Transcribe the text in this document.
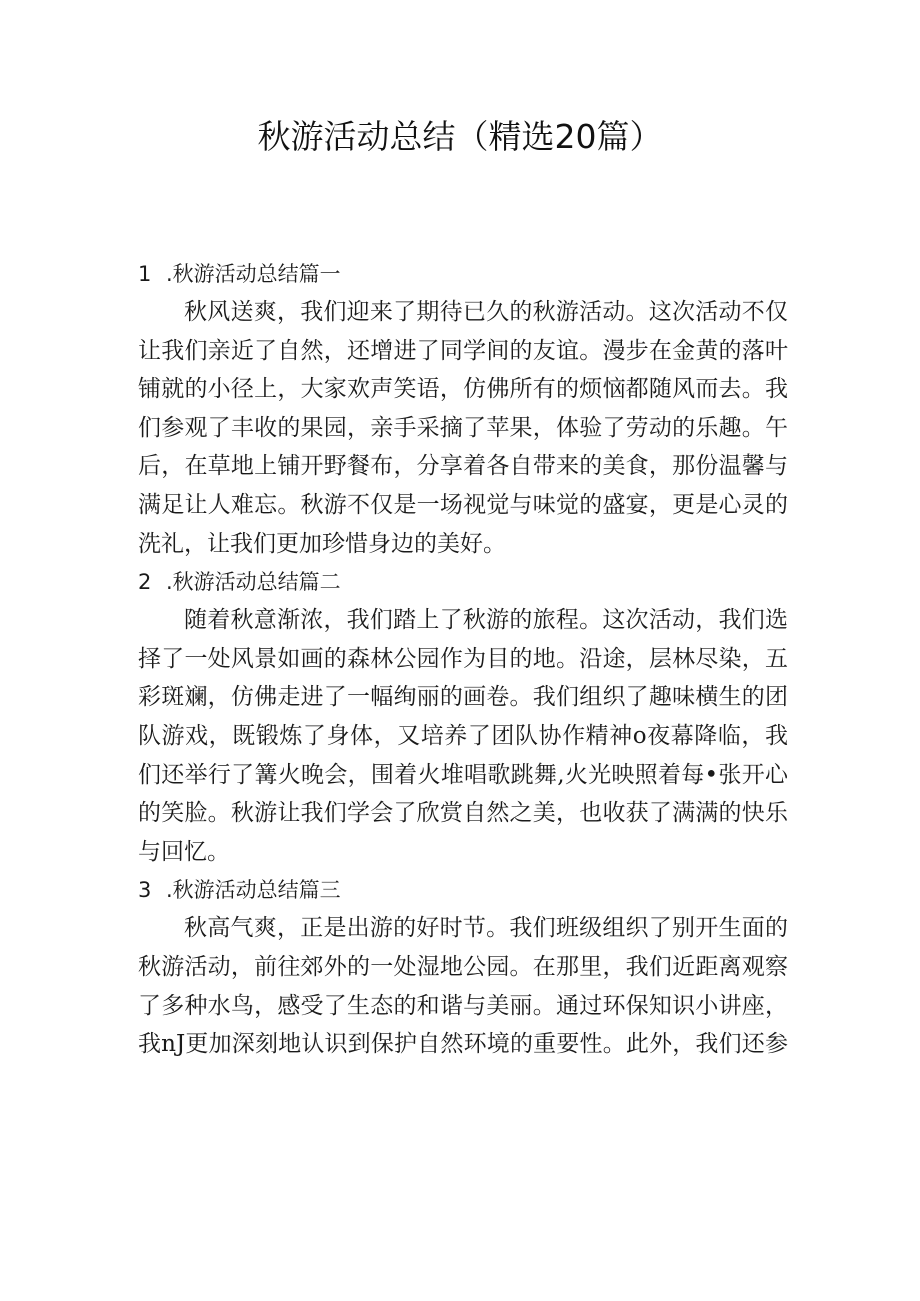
秋游活动总结（精选20篇）
1 .秋游活动总结篇一

秋风送爽，我们迎来了期待已久的秋游活动。这次活动不仅
让我们亲近了自然，还增进了同学间的友谊。漫步在金黄的落叶
铺就的小径上，大家欢声笑语，仿佛所有的烦恼都随风而去。我
们参观了丰收的果园，亲手采摘了苹果，体验了劳动的乐趣。午
后，在草地上铺开野餐布，分享着各自带来的美食，那份温馨与
满足让人难忘。秋游不仅是一场视觉与味觉的盛宴，更是心灵的
洗礼，让我们更加珍惜身边的美好。

2 .秋游活动总结篇二

随着秋意渐浓，我们踏上了秋游的旅程。这次活动，我们选
择了一处风景如画的森林公园作为目的地。沿途，层林尽染，五
彩斑斓，仿佛走进了一幅绚丽的画卷。我们组织了趣味横生的团
队游戏，既锻炼了身体，又培养了团队协作精神o夜幕降临，我
们还举行了篝火晚会，围着火堆唱歌跳舞,火光映照着每•张开心
的笑脸。秋游让我们学会了欣赏自然之美，也收获了满满的快乐
与回忆。

3 .秋游活动总结篇三

秋高气爽，正是出游的好时节。我们班级组织了别开生面的
秋游活动，前往郊外的一处湿地公园。在那里，我们近距离观察
了多种水鸟，感受了生态的和谐与美丽。通过环保知识小讲座，
我nJ更加深刻地认识到保护自然环境的重要性。此外，我们还参
